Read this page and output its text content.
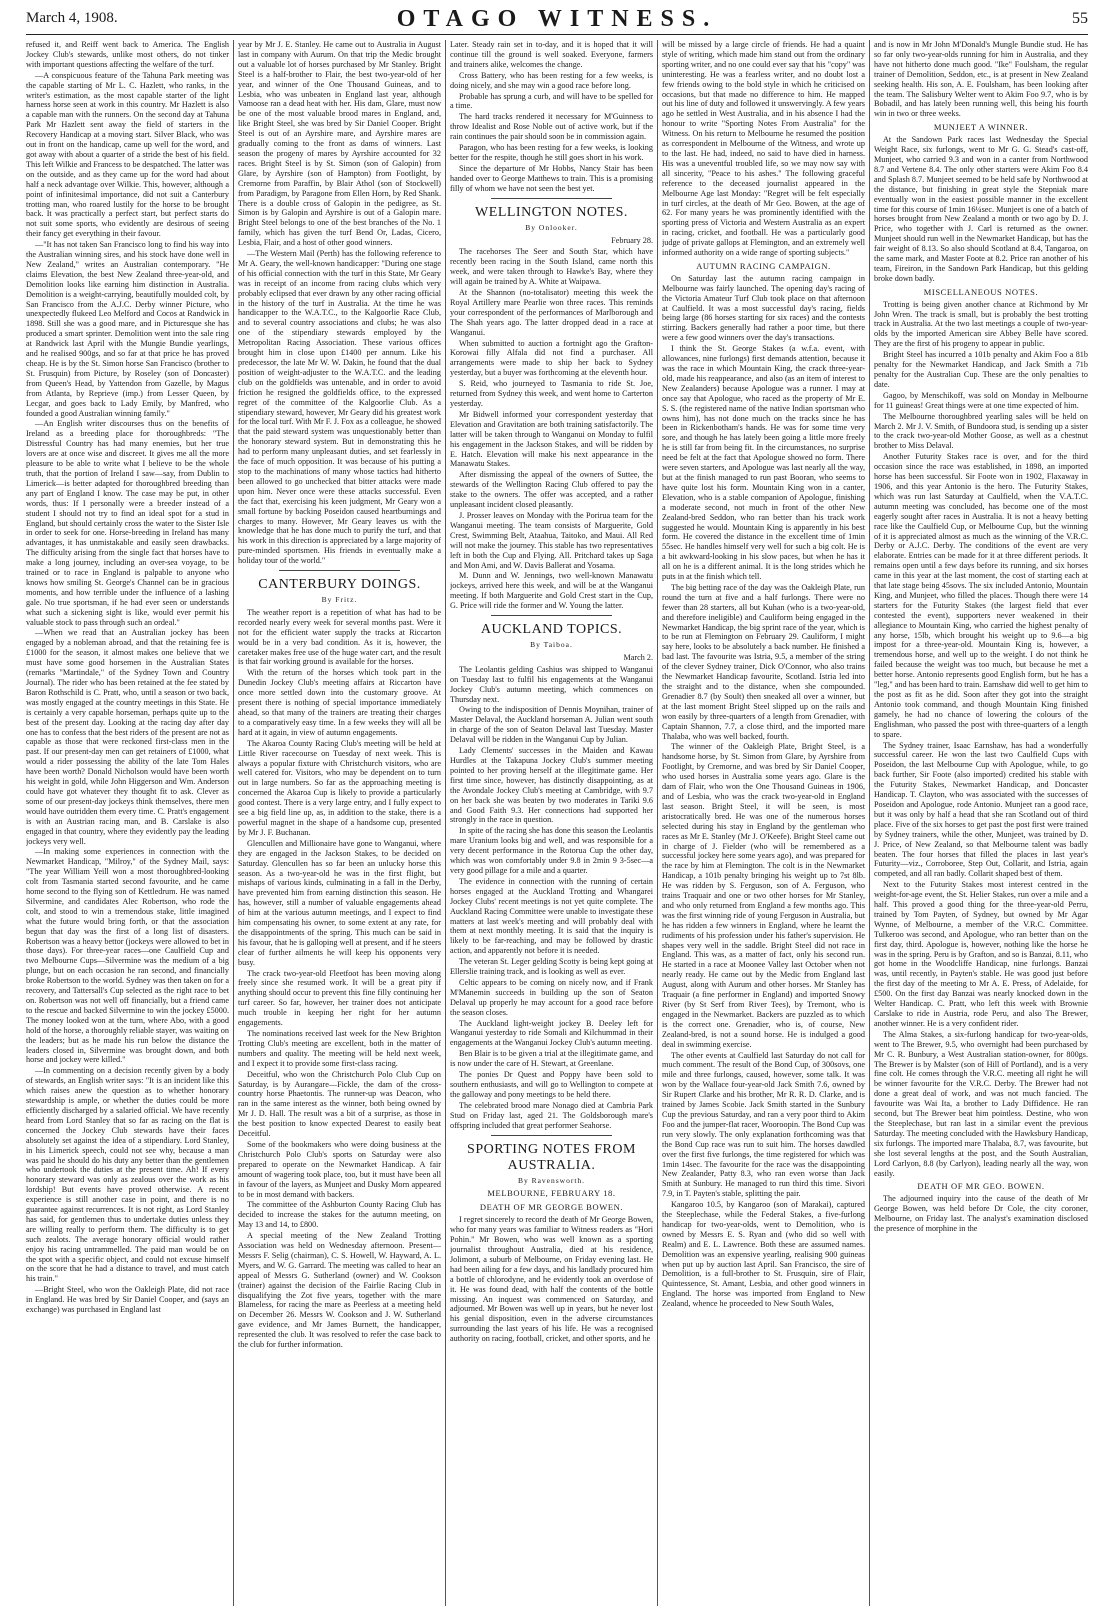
March 4, 1908.	OTAGO WITNESS.	55

refused it, and Reiff went back to America. The English Jockey Club's stewards, unlike most others, do not tinker with important questions affecting the welfare of the turf.

—A conspicuous feature of the Tahuna Park meeting was the capable starting of Mr L. C. Hazlett, who ranks, in the writer's estimation, as the most capable starter of the light harness horse seen at work in this country. Mr Hazlett is also a capable man with the runners. On the second day at Tahuna Park Mr Hazlett sent away the field of starters in the Recovery Handicap at a moving start. Silver Black, who was out in front on the handicap, came up well for the word, and got away with about a quarter of a stride the best of his field. This left Wilkie and Francess to be despatched. The latter was on the outside, and as they came up for the word had about half a neck advantage over Wilkie. This, however, although a point of infinitesimal importance, did not suit a Canterbury trotting man, who roared lustily for the horse to be brought back. It was practically a perfect start, but perfect starts do not suit some sports, who evidently are desirous of seeing their fancy get everything in their favour.

—"It has not taken San Francisco long to find his way into the Australian winning sires, and his stock have done well in New Zealand," writes an Australian contemporary. "He claims Elevation, the best New Zealand three-year-old, and Demolition looks like earning him distinction in Australia. Demolition is a weight-carrying, beautifully moulded colt, by San Francisco from the A.J.C. Derby winner Picture, who unexpectedly flukeed Leo Melford and Cocos at Randwick in 1898. Still she was a good mare, and in Picturesque she has produced a smart sprinter. Demolition went into the sale ring at Randwick last April with the Mungie Bundie yearlings, and he realised 900gs, and so far at that price he has proved cheap. He is by the St. Simon horse San Francisco (brother to St. Frusquin) from Picture, by Roseley (son of Doncaster) from Queen's Head, by Yattendon from Gazelle, by Magus from Atlanta, by Reprieve (imp.) from Lesser Queen, by Lecgar, and goes back to Lady Emily, by Manfred, who founded a good Australian winning family."

—An English writer discourses thus on the benefits of Ireland as a breeding place for thoroughbreds: "The Distressful Country has had many enemies, but her true lovers are at once wise and discreet. It gives me all the more pleasure to be able to write what I believe to be the whole truth, that the portion of Ireland I saw—say, from Dublin to Limerick—is better adapted for thoroughbred breeding than any part of England I know. The case may be put, in other words, thus: If I personally were a breeder instead of a student I should not try to find an ideal spot for a stud in England, but should certainly cross the water to the Sister Isle in order to seek for one. Horse-breeding in Ireland has many advantages, it has unmistakable and easily seen drawbacks. The difficulty arising from the single fact that horses have to make a long journey, including an over-sea voyage, to be trained or to race in England is palpable to anyone who knows how smiling St. George's Channel can be in gracious moments, and how terrible under the influence of a lashing gale. No true sportsman, if he had ever seen or understands what such a sickening sight is like, would ever permit his valuable stock to pass through such an ordeal."

—When we read that an Australian jockey has been engaged by a nobleman abroad, and that the retaining fee is £1000 for the season, it almost makes one believe that we must have some good horsemen in the Australian States (remarks "Martindale," of the Sydney Town and Country Journal). The rider who has been retained at the fee stated by Baron Rothschild is C. Pratt, who, until a season or two back, was mostly engaged at the country meetings in this State. He is certainly a very capable horseman, perhaps quite up to the best of the present day. Looking at the racing day after day one has to confess that the best riders of the present are not as capable as those that were reckoned first-class men in the past. If our present-day men can get retainers of £1000, what would a rider possessing the ability of the late Tom Hales have been worth? Donald Nicholson would have been worth his weight in gold, while John Higgerson and Wm. Anderson could have got whatever they thought fit to ask. Clever as some of our present-day jockeys think themselves, there men would have outridden them every time. C. Pratt's engagement is with an Austrian racing man, and B. Carslake is also engaged in that country, where they evidently pay the leading jockeys very well.

—In making some experiences in connection with the Newmarket Handicap, "Milroy," of the Sydney Mail, says: "The year William Yeill won a most thoroughbred-looking colt from Tasmania started second favourite, and he came home second to the flying son of Kettledrum. He was named Silvermine, and candidates Alec Robertson, who rode the colt, and stood to win a tremendous stake, little imagined what the future would bring forth, or that the association begun that day was the first of a long list of disasters. Robertson was a heavy bettor (jockeys were allowed to bet in those days). For three-year races—one Caulfield Cup and two Melbourne Cups—Silvermine was the medium of a big plunge, but on each occasion he ran second, and financially broke Robertson to the world. Sydney was then taken on for a recovery, and Tattersall's Cup selected as the right race to bet on. Robertson was not well off financially, but a friend came to the rescue and backed Silvermine to win the jockey £5000. The money looked won at the turn, where Abo, with a good hold of the horse, a thoroughly reliable stayer, was waiting on the leaders; but as he made his run below the distance the leaders closed in, Silvermine was brought down, and both horse and jockey were killed."

—In commenting on a decision recently given by a body of stewards, an English writer says: "It is an incident like this which raises anew the question as to whether honorary stewardship is ample, or whether the duties could be more efficiently discharged by a salaried official. We have recently heard from Lord Stanley that so far as racing on the flat is concerned the Jockey Club stewards have their faces absolutely set against the idea of a stipendiary. Lord Stanley, in his Limerick speech, could not see why, because a man was paid he should do his duty any better than the gentlemen who undertook the duties at the present time. Ah! If every honorary steward was only as zealous over the work as his lordship! But events have proved otherwise. A recent experience is still another case in point, and there is no guarantee against recurrences. It is not right, as Lord Stanley has said, for gentlemen thus to undertake duties unless they are willing really to perform them. The difficulty is to get such zealots. The average honorary official would rather enjoy his racing untrammelled. The paid man would be on the spot with a specific object, and could not excuse himself on the score that he had a distance to travel, and must catch his train."

—Bright Steel, who won the Oakleigh Plate, did not race in England. He was bred by Sir Daniel Cooper, and (says an exchange) was purchased in England last

year by Mr J. E. Stanley. He came out to Australia in August last in company with Aurum. On that trip the Medic brought out a valuable lot of horses purchased by Mr Stanley. Bright Steel is a half-brother to Flair, the best two-year-old of her year, and winner of the One Thousand Guineas, and to Lesbia, who was unbeaten in England last year, although Vamoose ran a dead heat with her. His dam, Glare, must now be one of the most valuable brood mares in England, and, like Bright Steel, she was bred by Sir Daniel Cooper. Bright Steel is out of an Ayrshire mare, and Ayrshire mares are gradually coming to the front as dams of winners. Last season the progeny of mares by Ayrshire accounted for 32 races. Bright Steel is by St. Simon (son of Galopin) from Glare, by Ayrshire (son of Hampton) from Footlight, by Cremorne from Paraffin, by Blair Athol (son of Stockwell) from Paradigm, by Paragone from Ellen Horn, by Red Shank. There is a double cross of Galopin in the pedigree, as St. Simon is by Galopin and Ayrshire is out of a Galopin mare. Bright Steel belongs to one of the best branches of the No. 1 family, which has given the turf Bend Or, Ladas, Cicero, Lesbia, Flair, and a host of other good winners.

—The Western Mail (Perth) has the following reference to Mr A. Geary, the well-known handicapper: "During one stage of his official connection with the turf in this State, Mr Geary was in receipt of an income from racing clubs which very probably eclipsed that ever drawn by any other racing official in the history of the turf in Australia. At the time he was handicapper to the W.A.T.C., to the Kalgoorlie Race Club, and to several country associations and clubs; he was also one of the stipendiary stewards employed by the Metropolitan Racing Association. These various offices brought him in close upon £1400 per annum. Like his predecessor, the late Mr W. W. Dakin, he found that the dual position of weight-adjuster to the W.A.T.C. and the leading club on the goldfields was untenable, and in order to avoid friction he resigned the goldfields office, to the expressed regret of the committee of the Kalgoorlie Club. As a stipendiary steward, however, Mr Geary did his greatest work for the local turf. With Mr F. J. Fox as a colleague, he showed that the paid steward system was unquestionably better than the honorary steward system. But in demonstrating this he had to perform many unpleasant duties, and set fearlessly in the face of much opposition. It was because of his putting a stop to the machinations of many whose tactics had hitherto been allowed to go unchecked that bitter attacks were made upon him. Never once were these attacks successful. Even the fact that, exercising his keen judgment, Mr Geary won a small fortune by backing Poseidon caused heartburnings and charges to many. However, Mr Geary leaves us with the knowledge that he has done much to purify the turf, and that his work in this direction is appreciated by a large majority of pure-minded sportsmen. His friends in eventually make a holiday tour of the world."

CANTERBURY DOINGS.
By Fritz.

The weather report is a repetition of what has had to be recorded nearly every week for several months past. Were it not for the efficient water supply the tracks at Riccarton would be in a very bad condition. As it is, however, the caretaker makes free use of the huge water cart, and the result is that fair working ground is available for the horses.

With the return of the horses which took part in the Dunedin Jockey Club's meeting affairs at Riccarton have once more settled down into the customary groove. At present there is nothing of special importance immediately ahead, so that many of the trainers are treating their charges to a comparatively easy time. In a few weeks they will all be hard at it again, in view of autumn engagements.

The Akaroa County Racing Club's meeting will be held at Little River racecourse on Tuesday of next week. This is always a popular fixture with Christchurch visitors, who are well catered for. Visitors, who may be dependent on to turn out in large numbers. So far as the approaching meeting is concerned the Akaroa Cup is likely to provide a particularly good contest. There is a very large entry, and I fully expect to see a big field line up, as, in addition to the stake, there is a powerful magnet in the shape of a handsome cup, presented by Mr J. F. Buchanan.

Glencullen and Millionaire have gone to Wanganui, where they are engaged in the Jackson Stakes, to be decided on Saturday. Glencullen has so far been an unlucky horse this season. As a two-year-old he was in the first flight, but mishaps of various kinds, culminating in a fall in the Derby, have prevented him from earning distinction this season. He has, however, still a number of valuable engagements ahead of him at the various autumn meetings, and I expect to find him compensating his owner, to some extent at any rate, for the disappointments of the spring. This much can be said in his favour, that he is galloping well at present, and if he steers clear of further ailments he will keep his opponents very busy.

The crack two-year-old Fleetfoot has been moving along freely since she resumed work. It will be a great pity if anything should occur to prevent this fine filly continuing her turf career. So far, however, her trainer does not anticipate much trouble in keeping her right for her autumn engagements.

The nominations received last week for the New Brighton Trotting Club's meeting are excellent, both in the matter of numbers and quality. The meeting will be held next week, and I expect it to provide some first-class racing.

Deceitful, who won the Christchurch Polo Club Cup on Saturday, is by Aurangare—Fickle, the dam of the cross-country horse Phaetontis. The runner-up was Deacon, who ran in the same interest as the winner, both being owned by Mr J. D. Hall. The result was a bit of a surprise, as those in the best position to know expected Dearest to easily beat Deceitful.

Some of the bookmakers who were doing business at the Christchurch Polo Club's sports on Saturday were also prepared to operate on the Newmarket Handicap. A fair amount of wagering took place, too, but it must have been all in favour of the layers, as Munjeet and Dusky Morn appeared to be in most demand with backers.

The committee of the Ashburton County Racing Club has decided to increase the stakes for the autumn meeting, on May 13 and 14, to £800.

A special meeting of the New Zealand Trotting Association was held on Wednesday afternoon. Present—Messrs F. Selig (chairman), C. S. Howell, W. Hayward, A. L. Myers, and W. G. Garrard. The meeting was called to hear an appeal of Messrs G. Sutherland (owner) and W. Cookson (trainer) against the decision of the Fairlie Racing Club in disqualifying the Zot five years, together with the mare Blameless, for racing the mare as Peerless at a meeting held on December 26. Messrs W. Cookson and J. W. Sutherland gave evidence, and Mr James Burnett, the handicapper, represented the club. It was resolved to refer the case back to the club for further information.

Later. Steady rain set in to-day, and it is hoped that it will continue till the ground is well soaked. Everyone, farmers and trainers alike, welcomes the change.

Cross Battery, who has been resting for a few weeks, is doing nicely, and she may win a good race before long.

Probable has sprung a curb, and will have to be spelled for a time.

The hard tracks rendered it necessary for M'Guinness to throw Idealist and Rose Noble out of active work, but if the rain continues the pair should soon be in commission again.

Paragon, who has been resting for a few weeks, is looking better for the respite, though he still goes short in his work.

Since the departure of Mr Hobbs, Nancy Stair has been handed over to George Matthews to train. This is a promising filly of whom we have not seen the best yet.

WELLINGTON NOTES.
By Onlooker.
February 28.

The racehorses The Seer and South Star, which have recently been racing in the South Island, came north this week, and were taken through to Hawke's Bay, where they will again be trained by A. White at Waipawa.

At the Shannon (no-totalisator) meeting this week the Royal Artillery mare Pearlie won three races. This reminds your correspondent of the performances of Marlborough and The Shah years ago. The latter dropped dead in a race at Wanganui.

When submitted to auction a fortnight ago the Grafton-Korowai filly Alfala did not find a purchaser. All arrangements were made to ship her back to Sydney yesterday, but a buyer was forthcoming at the eleventh hour.

S. Reid, who journeyed to Tasmania to ride St. Joe, returned from Sydney this week, and went home to Carterton yesterday.

Mr Bidwell informed your correspondent yesterday that Elevation and Gravitation are both training satisfactorily. The latter will be taken through to Wanganui on Monday to fulfil his engagement in the Jackson Stakes, and will be ridden by E. Hatch. Elevation will make his next appearance in the Manawatu Stakes.

After dismissing the appeal of the owners of Suttee, the stewards of the Wellington Racing Club offered to pay the stake to the owners. The offer was accepted, and a rather unpleasant incident closed pleasantly.

J. Prosser leaves on Monday with the Porirua team for the Wanganui meeting. The team consists of Marguerite, Gold Crest, Swimming Belt, Ataahua, Taitoko, and Maui. All Red will not make the journey. This stable has two representatives left in both the Cup and Flying. All. Pritchard takes up Saga and Mon Ami, and W. Davis Ballerat and Yosama.

M. Dunn and W. Jennings, two well-known Manawatu jockeys, arrived here this week, and will be at the Wanganui meeting. If both Marguerite and Gold Crest start in the Cup, G. Price will ride the former and W. Young the latter.

AUCKLAND TOPICS.
By Taiboa.
March 2.

The Leolantis gelding Cashius was shipped to Wanganui on Tuesday last to fulfil his engagements at the Wanganui Jockey Club's autumn meeting, which commences on Thursday next.

Owing to the indisposition of Dennis Moynihan, trainer of Master Delaval, the Auckland horseman A. Julian went south in charge of the son of Seaton Delaval last Tuesday. Master Delaval will be ridden in the Wanganui Cup by Julian.

Lady Clements' successes in the Maiden and Kawau Hurdles at the Takapuna Jockey Club's summer meeting pointed to her proving herself at the illegitimate game. Her first time since, however, has distinctly disappointing, as at the Avondale Jockey Club's meeting at Cambridge, with 9.7 on her back she was beaten by two moderates in Tariki 9.6 and Good Faith 9.3. Her connections had supported her strongly in the race in question.

In spite of the racing she has done this season the Leolantis mare Uranium looks big and well, and was responsible for a very decent performance in the Rotorua Cup the other day, which was won comfortably under 9.8 in 2min 9 3-5sec—a very good pillage for a mile and a quarter.

The evidence in connection with the running of certain horses engaged at the Auckland Trotting and Whangarei Jockey Clubs' recent meetings is not yet quite complete. The Auckland Racing Committee were unable to investigate these matters at last week's meeting and will probably deal with them at next monthly meeting. It is said that the inquiry is likely to be far-reaching, and may be followed by drastic action, and apparently not before it is needed.

The veteran St. Leger gelding Scotty is being kept going at Ellerslie training track, and is looking as well as ever.

Celtic appears to be coming on nicely now, and if Frank M'Manemin succeeds in building up the son of Seaton Delaval up properly he may account for a good race before the season closes.

The Auckland light-weight jockey B. Deeley left for Wanganui yesterday to ride Somali and Kilchummad in their engagements at the Wanganui Jockey Club's autumn meeting.

Ben Blair is to be given a trial at the illegitimate game, and is now under the care of H. Stewart, at Greenlane.

The ponies Dr Quest and Poppy have been sold to southern enthusiasts, and will go to Wellington to compete at the galloway and pony meetings to be held there.

The celebrated brood mare Nonago died at Cambria Park Stud on Friday last, aged 21. The Goldsborough mare's offspring included that great performer Seahorse.

SPORTING NOTES FROM AUSTRALIA.
By Ravensworth.
MELBOURNE, FEBRUARY 18.
DEATH OF MR GEORGE BOWEN.

I regret sincerely to record the death of Mr George Bowen, who for many years was familiar to Witness readers as "Hori Pohin." Mr Bowen, who was well known as a sporting journalist throughout Australia, died at his residence, Jolimont, a suburb of Melbourne, on Friday evening last. He had been ailing for a few days, and his landlady procured him a bottle of chlorodyne, and he evidently took an overdose of it. He was found dead, with half the contents of the bottle missing. An inquest was commenced on Saturday, and adjourned. Mr Bowen was well up in years, but he never lost his genial disposition, even in the adverse circumstances surrounding the last years of his life. He was a recognised authority on racing, football, cricket, and other sports, and he

will be missed by a large circle of friends. He had a quaint style of writing, which made him stand out from the ordinary sporting writer, and no one could ever say that his "copy" was uninteresting. He was a fearless writer, and no doubt lost a few friends owing to the bold style in which he criticised on occasions, but that made no difference to him. He mapped out his line of duty and followed it unswervingly. A few years ago he settled in West Australia, and in his absence I had the honour to write "Sporting Notes From Australia" for the Witness. On his return to Melbourne he resumed the position as correspondent in Melbourne of the Witness, and wrote up to the last. He had, indeed, no said to have died in harness. His was a uneventful troubled life, so we may now say with all sincerity, "Peace to his ashes." The following graceful reference to the deceased journalist appeared in the Melbourne Age last Monday: "Regret will be felt especially in turf circles, at the death of Mr Geo. Bowen, at the age of 62. For many years he was prominently identified with the sporting press of Victoria and Western Australia as an expert in racing, cricket, and football. He was a particularly good judge of private gallops at Flemington, and an extremely well informed authority on a wide range of sporting subjects."

AUTUMN RACING CAMPAIGN.

On Saturday last the autumn racing campaign in Melbourne was fairly launched. The opening day's racing of the Victoria Amateur Turf Club took place on that afternoon at Caulfield. It was a most successful day's racing, fields being large (86 horses starting for six races) and the contests stirring. Backers generally had rather a poor time, but there were a few good winners over the day's transactions.

I think the St. George Stakes (a w.f.a. event, with allowances, nine furlongs) first demands attention, because it was the race in which Mountain King, the crack three-year-old, made his reappearance, and also (as an item of interest to New Zealanders) because Apologue was a runner. I may at once say that Apologue, who raced as the property of Mr E. S. S. (the registered name of the native Indian sportsman who owns him), has not done much on the tracks since he has been in Rickenbotham's hands. He was for some time very sore, and though he has lately been going a little more freely he is still far from being fit. In the circumstances, no surprise need be felt at the fact that Apologue showed no form. There were seven starters, and Apologue was last nearly all the way, but at the finish managed to run past Booran, who seems to have quite lost his form. Mountain King won in a canter, Elevation, who is a stable companion of Apologue, finishing a moderate second, not much in front of the other New Zealand-bred Seddon, who ran better than his track work suggested he would. Mountain King is apparently in his best form. He covered the distance in the excellent time of 1min 55sec. He handles himself very well for such a big colt. He is a bit awkward-looking in his slow paces, but when he has it all on he is a different animal. It is the long strides which he puts in at the finish which tell.

The big betting race of the day was the Oakleigh Plate, run round the turn at five and a half furlongs. There were no fewer than 28 starters, all but Kuhan (who is a two-year-old, and therefore ineligible) and Cauliform being engaged in the Newmarket Handicap, the big sprint race of the year, which is to be run at Flemington on February 29. Cauliform, I might say here, looks to be absolutely a back number. He finished a bad last. The favourite was Istria, 9.5, a member of the string of the clever Sydney trainer, Dick O'Connor, who also trains the Newmarket Handicap favourite, Scotland. Istria led into the straight and to the distance, when she compounded. Grenadier 8.7 (by Soult) then sneaked all over a winner, but at the last moment Bright Steel slipped up on the rails and won easily by three-quarters of a length from Grenadier, with Captain Shannon, 7.7, a close third, and the imported mare Thalaba, who was well backed, fourth.

The winner of the Oakleigh Plate, Bright Steel, is a handsome horse, by St. Simon from Glare, by Ayrshire from Footlight, by Cremorne, and was bred by Sir Daniel Cooper, who used horses in Australia some years ago. Glare is the dam of Flair, who won the One Thousand Guineas in 1906, and of Lesbia, who was the crack two-year-old in England last season. Bright Steel, it will be seen, is most aristocratically bred. He was one of the numerous horses selected during his stay in England by the gentleman who races as Mr E. Stanley (Mr J. O'Keefe). Bright Steel came out in charge of J. Fielder (who will be remembered as a successful jockey here some years ago), and was prepared for the race by him at Flemington. The colt is in the Newmarket Handicap, a 101b penalty bringing his weight up to 7st 8lb. He was ridden by S. Ferguson, son of A. Ferguson, who trains Traquair and one or two other horses for Mr Stanley, and who only returned from England a few months ago. This was the first winning ride of young Ferguson in Australia, but he has ridden a few winners in England, where he learnt the rudiments of his profession under his father's supervision. He shapes very well in the saddle. Bright Steel did not race in England. This was, as a matter of fact, only his second run. He started in a race at Moonee Valley last October when not nearly ready. He came out by the Medic from England last August, along with Aurum and other horses. Mr Stanley has Traquair (a fine performer in England) and imported Snowy River (by St Serf from River Tees), by Tremont, who is engaged in the Newmarket. Backers are puzzled as to which is the correct one. Grenadier, who is, of course, New Zealand-bred, is not a sound horse. He is indulged a good deal in swimming exercise.

The other events at Caulfield last Saturday do not call for much comment. The result of the Bond Cup, of 300sovs, one mile and three furlongs, caused, however, some talk. It was won by the Wallace four-year-old Jack Smith 7.6, owned by Sir Rupert Clarke and his brother, Mr R. R. D. Clarke, and is trained by James Scobie. Jack Smith started in the Sunbury Cup the previous Saturday, and ran a very poor third to Akim Foo and the jumper-flat racer, Wooroopin. The Bond Cup was run very slowly. The only explanation forthcoming was that the Bond Cup race was run to suit him. The horses dawdled over the first five furlongs, the time registered for which was 1min 14sec. The favourite for the race was the disappointing New Zealander, Patty 8.3, who ran even worse than Jack Smith at Sunbury. He managed to run third this time. Sivori 7.9, in T. Payten's stable, splitting the pair.

Kangaroo 10.5, by Kangaroo (son of Marakai), captured the Steeplechase, while the Federal Stakes, a five-furlong handicap for two-year-olds, went to Demolition, who is owned by Messrs E. S. Ryan and (who did so well with Realm) and E. L. Lawrence. Both these are assumed names. Demolition was an expensive yearling, realising 900 guineas when put up by auction last April. San Francisco, the sire of Demolition, is a full-brother to St. Frusquin, sire of Flair, Quintessence, St. Amant, Lesbia, and other good winners in England. The horse was imported from England to New Zealand, whence he proceeded to New South Wales,

and is now in Mr John M'Donald's Mungle Bundie stud. He has so far only two-year-olds running for him in Australia, and they have not hitherto done much good. "Ike" Foulsham, the regular trainer of Demolition, Seddon, etc., is at present in New Zealand seeking health. His son, A. E. Foulsham, has been looking after the team. The Salisbury Welter went to Akim Foo 9.7, who is by Bobadil, and has lately been running well, this being his fourth win in two or three weeks.

MUNJEET A WINNER.

At the Sandown Park races last Wednesday the Special Weight Race, six furlongs, went to Mr G. G. Stead's cast-off, Munjeet, who carried 9.3 and won in a canter from Northwood 8.7 and Vertene 8.4. The only other starters were Akim Foo 8.4 and Splash 8.7. Munjeet seemed to be held safe by Northwood at the distance, but finishing in great style the Stepniak mare eventually won in the easiest possible manner in the excellent time for this course of 1min 16¼sec. Munjeet is one of a batch of horses brought from New Zealand a month or two ago by D. J. Price, who together with J. Carl is returned as the owner. Munjeet should run well in the Newmarket Handicap, but has the fair weight of 8.13. So also should Scotland at 8.4, Tangaroa, on the same mark, and Master Foote at 8.2. Price ran another of his team, Fireiron, in the Sandown Park Handicap, but this gelding broke down badly.

MISCELLANEOUS NOTES.

Trotting is being given another chance at Richmond by Mr John Wren. The track is small, but is probably the best trotting track in Australia. At the two last meetings a couple of two-year-olds by the imported American sire Abbey Belle have scored. They are the first of his progeny to appear in public.

Bright Steel has incurred a 101b penalty and Akim Foo a 81b penalty for the Newmarket Handicap, and Jack Smith a 71b penalty for the Australian Cup. These are the only penalties to date.

Gagoo, by Menschikoff, was sold on Monday in Melbourne for 11 guineas! Great things were at one time expected of him.

The Melbourne thoroughbred yearling sales will be held on March 2. Mr J. V. Smith, of Bundoora stud, is sending up a sister to the crack two-year-old Mother Goose, as well as a chestnut brother to Miss Delaval.

Another Futurity Stakes race is over, and for the third occasion since the race was established, in 1898, an imported horse has been successful. Sir Foote won in 1902, Flaxaway in 1906, and this year Antonio is the hero. The Futurity Stakes, which was run last Saturday at Caulfield, when the V.A.T.C. autumn meeting was concluded, has become one of the most eagerly sought after races in Australia. It is not a heavy betting race like the Caulfield Cup, or Melbourne Cup, but the winning of it is appreciated almost as much as the winning of the V.R.C. Derby or A.J.C. Derby. The conditions of the event are very elaborate. Entries can be made for it at three different periods. It remains open until a few days before its running, and six horses came in this year at the last moment, the cost of starting each at that late stage being 45sovs. The six included Antonio, Mountain King, and Munjeet, who filled the places. Though there were 14 starters for the Futurity Stakes (the largest field that ever contested the event), supporters never weakened in their allegiance to Mountain King, who carried the highest penalty of any horse, 15lb, which brought his weight up to 9.6—a big impost for a three-year-old. Mountain King is, however, a tremendous horse, and well up to the weight. I do not think he failed because the weight was too much, but because he met a better horse. Antonio represents good English form, but he has a "leg," and has been hard to train. Earnshaw did well to get him to the post as fit as he did. Soon after they got into the straight Antonio took command, and though Mountain King finished gamely, he had no chance of lowering the colours of the Englishman, who passed the post with three-quarters of a length to spare.

The Sydney trainer, Isaac Earnshaw, has had a wonderfully successful career. He won the last two Caulfield Cups with Poseidon, the last Melbourne Cup with Apologue, while, to go back further, Sir Foote (also imported) credited his stable with the Futurity Stakes, Newmarket Handicap, and Doncaster Handicap. T. Clayton, who was associated with the successes of Poseidon and Apologue, rode Antonio. Munjeet ran a good race, but it was only by half a head that she ran Scotland out of third place. Five of the six horses to get past the post first were trained by Sydney trainers, while the other, Munjeet, was trained by D. J. Price, of New Zealand, so that Melbourne talent was badly beaten. The four horses that filled the places in last year's Futurity—viz., Corroboree, Step Out, Collarit, and Istria, again competed, and all ran badly. Collarit shaped best of them.

Next to the Futurity Stakes most interest centred in the weight-for-age event, the St. Helier Stakes, run over a mile and a half. This proved a good thing for the three-year-old Perru, trained by Tom Payten, of Sydney, but owned by Mr Agar Wynne, of Melbourne, a member of the V.R.C. Committee. Tulkeroo was second, and Apologue, who ran better than on the first day, third. Apologue is, however, nothing like the horse he was in the spring. Peru is by Grafton, and so is Banzai, 8.11, who got home in the Woodcliffe Handicap, nine furlongs. Banzai was, until recently, in Payten's stable. He was good just before the first day of the meeting to Mr A. E. Press, of Adelaide, for £500. On the first day Banzai was nearly knocked down in the Welter Handicap. C. Pratt, who left this week with Brownie Carslake to ride in Austria, rode Peru, and also The Brewer, another winner. He is a very confident rider.

The Alma Stakes, a six-furlong handicap for two-year-olds, went to The Brewer, 9.5, who overnight had been purchased by Mr C. R. Bunbury, a West Australian station-owner, for 800gs. The Brewer is by Malster (son of Hill of Portland), and is a very fine colt. He comes through the V.R.C. meeting all right he will be winner favourite for the V.R.C. Derby. The Brewer had not done a great deal of work, and was not much fancied. The favourite was Wai Ita, a brother to Lady Diffidence. He ran second, but The Brewer beat him pointless. Destine, who won the Steeplechase, but ran last in a similar event the previous Saturday. The meeting concluded with the Hawksbury Handicap, six furlongs. The imported mare Thalaba, 8.7, was favourite, but she lost several lengths at the post, and the South Australian, Lord Carlyon, 8.8 (by Carlyon), leading nearly all the way, won easily.

DEATH OF MR GEO. BOWEN.

The adjourned inquiry into the cause of the death of Mr George Bowen, was held before Dr Cole, the city coroner, Melbourne, on Friday last. The analyst's examination disclosed the presence of morphine in the
